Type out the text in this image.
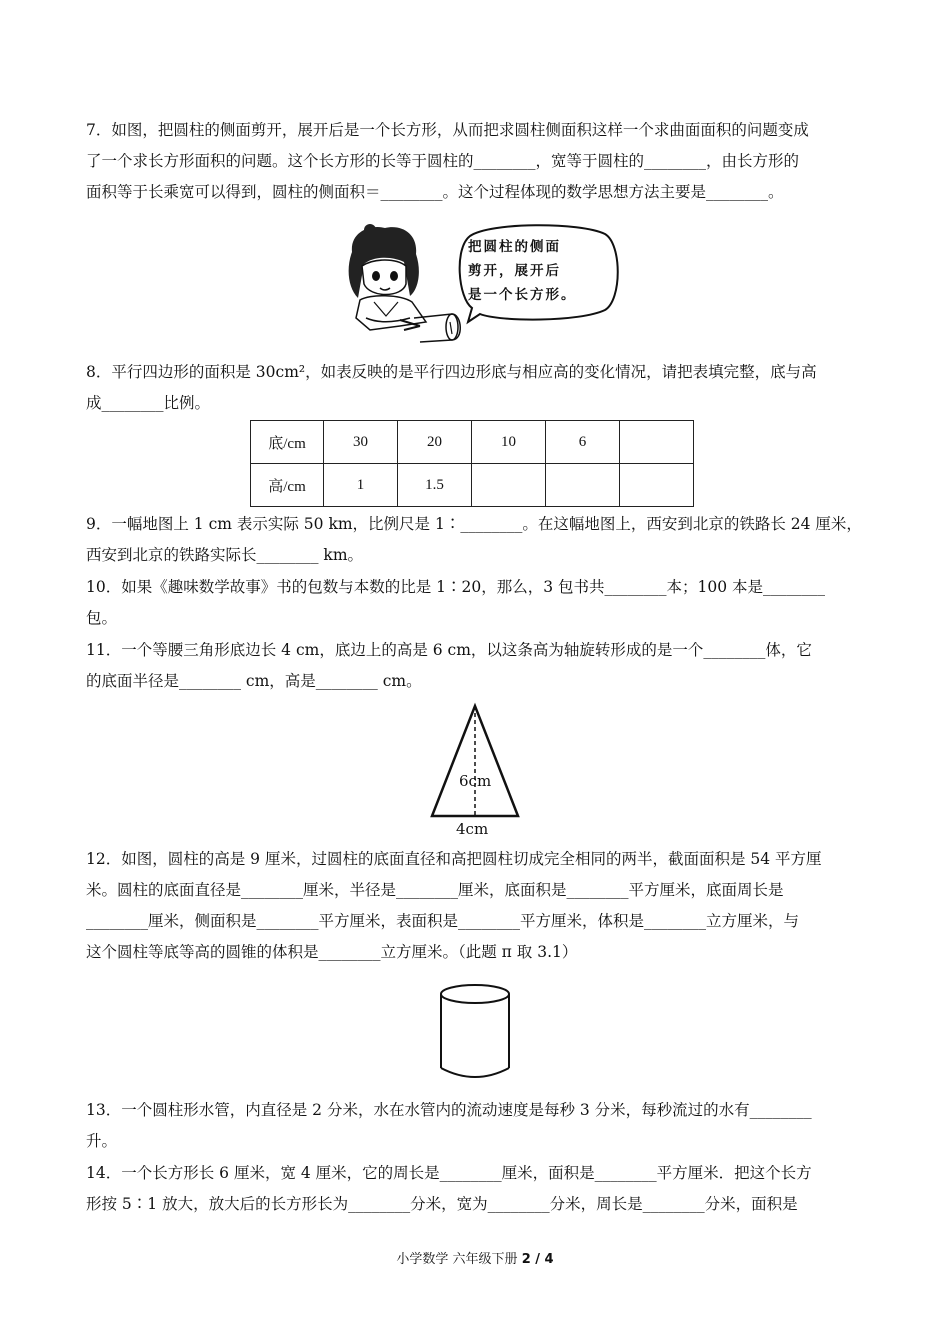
7．如图，把圆柱的侧面剪开，展开后是一个长方形，从而把求圆柱侧面积这样一个求曲面面积的问题变成
了一个求长方形面积的问题。这个长方形的长等于圆柱的________，宽等于圆柱的________，由长方形的
面积等于长乘宽可以得到，圆柱的侧面积＝________。这个过程体现的数学思想方法主要是________。
把圆柱的侧面
剪开，展开后
是一个长方形。
8．平行四边形的面积是 30cm²，如表反映的是平行四边形底与相应高的变化情况，请把表填完整，底与高
成________比例。
底/cm	30	20	10	6	
高/cm	1	1.5			
9．一幅地图上 1 cm 表示实际 50 km，比例尺是 1∶________。在这幅地图上，西安到北京的铁路长 24 厘米，
西安到北京的铁路实际长________ km。
10．如果《趣味数学故事》书的包数与本数的比是 1∶20，那么，3 包书共________本；100 本是________
包。
11．一个等腰三角形底边长 4 cm，底边上的高是 6 cm，以这条高为轴旋转形成的是一个________体，它
的底面半径是________ cm，高是________ cm。
6cm
4cm
12．如图，圆柱的高是 9 厘米，过圆柱的底面直径和高把圆柱切成完全相同的两半，截面面积是 54 平方厘
米。圆柱的底面直径是________厘米，半径是________厘米，底面积是________平方厘米，底面周长是
________厘米，侧面积是________平方厘米，表面积是________平方厘米，体积是________立方厘米，与
这个圆柱等底等高的圆锥的体积是________立方厘米。（此题 π 取 3.1）
13．一个圆柱形水管，内直径是 2 分米，水在水管内的流动速度是每秒 3 分米，每秒流过的水有________
升。
14．一个长方形长 6 厘米，宽 4 厘米，它的周长是________厘米，面积是________平方厘米．把这个长方
形按 5∶1 放大，放大后的长方形长为________分米，宽为________分米，周长是________分米，面积是
小学数学 六年级下册 2 / 4
